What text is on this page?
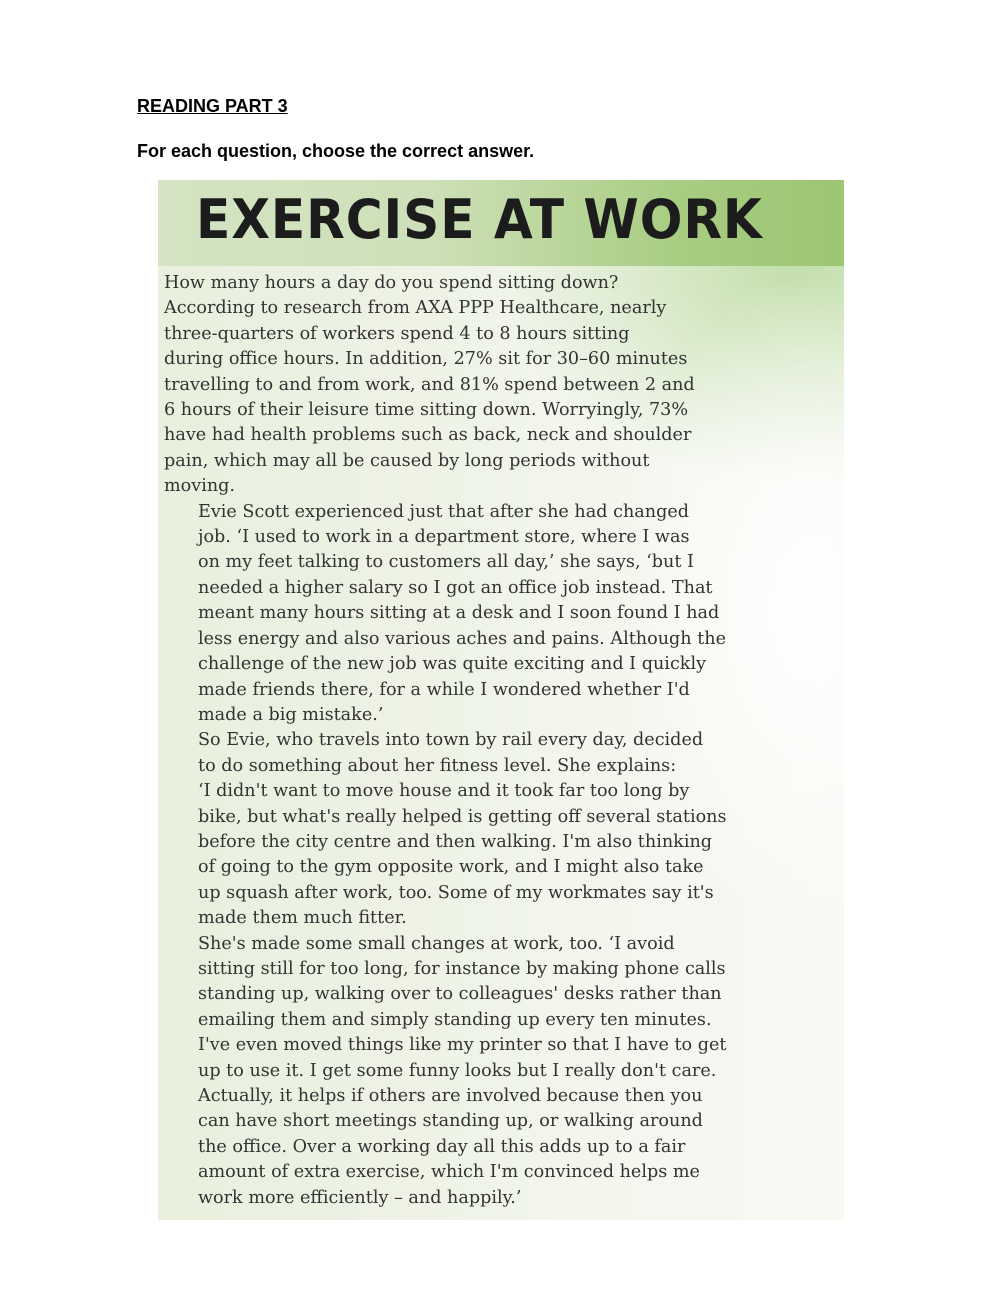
READING PART 3
For each question, choose the correct answer.
EXERCISE AT WORK

How many hours a day do you spend sitting down?
According to research from AXA PPP Healthcare, nearly
three-quarters of workers spend 4 to 8 hours sitting
during office hours. In addition, 27% sit for 30–60 minutes
travelling to and from work, and 81% spend between 2 and
6 hours of their leisure time sitting down. Worryingly, 73%
have had health problems such as back, neck and shoulder
pain, which may all be caused by long periods without
moving.

Evie Scott experienced just that after she had changed
job. ‘I used to work in a department store, where I was
on my feet talking to customers all day,’ she says, ‘but I
needed a higher salary so I got an office job instead. That
meant many hours sitting at a desk and I soon found I had
less energy and also various aches and pains. Although the
challenge of the new job was quite exciting and I quickly
made friends there, for a while I wondered whether I'd
made a big mistake.’

So Evie, who travels into town by rail every day, decided
to do something about her fitness level. She explains:
‘I didn't want to move house and it took far too long by
bike, but what's really helped is getting off several stations
before the city centre and then walking. I'm also thinking
of going to the gym opposite work, and I might also take
up squash after work, too. Some of my workmates say it's
made them much fitter.

She's made some small changes at work, too. ‘I avoid
sitting still for too long, for instance by making phone calls
standing up, walking over to colleagues' desks rather than
emailing them and simply standing up every ten minutes.
I've even moved things like my printer so that I have to get
up to use it. I get some funny looks but I really don't care.
Actually, it helps if others are involved because then you
can have short meetings standing up, or walking around
the office. Over a working day all this adds up to a fair
amount of extra exercise, which I'm convinced helps me
work more efficiently – and happily.’
